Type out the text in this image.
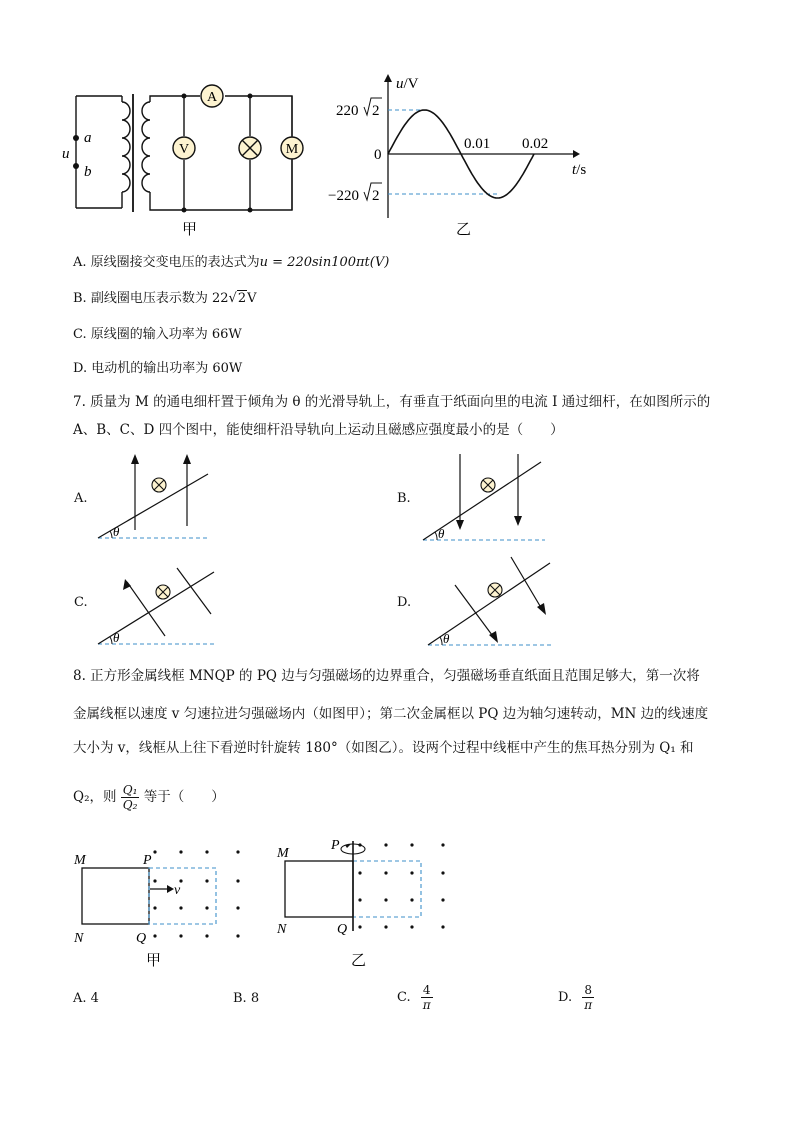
A
V	M
a
b
u
甲
u/V
t/s
220 2
0
−220 2
0.01 0.02
乙
A. 原线圈接交变电压的表达式为u = 220sin100πt(V)
B. 副线圈电压表示数为 22√2V
C. 原线圈的输入功率为 66W
D. 电动机的输出功率为 60W
7. 质量为 M 的通电细杆置于倾角为 θ 的光滑导轨上，有垂直于纸面向里的电流 I 通过细杆，在如图所示的
A、B、C、D 四个图中，能使细杆沿导轨向上运动且磁感应强度最小的是（　　）
A.	B.
C.	D.
θ	θ
θ	θ
8. 正方形金属线框 MNQP 的 PQ 边与匀强磁场的边界重合，匀强磁场垂直纸面且范围足够大，第一次将
金属线框以速度 v 匀速拉进匀强磁场内（如图甲）；第二次金属框以 PQ 边为轴匀速转动，MN 边的线速度
大小为 v，线框从上往下看逆时针旋转 180°（如图乙）。设两个过程中线框中产生的焦耳热分别为 Q₁ 和
Q₂，则 $\frac{\text{Q₁}}{\text{Q₂}}$ 等于（　　）
v
M
N
P
Q
甲
M
N
P
Q
乙
A. 4	B. 8	C. $\frac{4}{\pi}$	D. $\frac{8}{\pi}$
